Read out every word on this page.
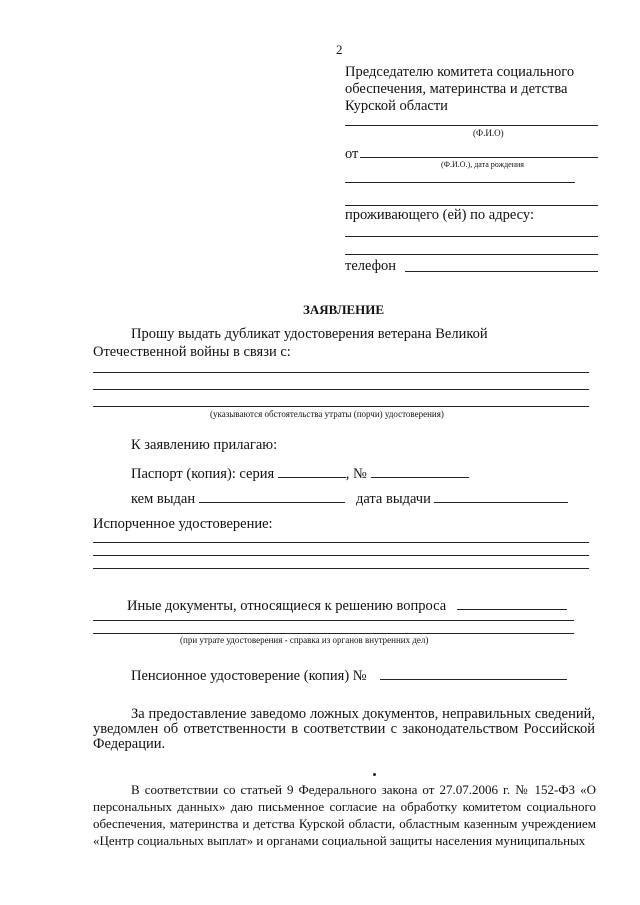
2
Председателю комитета социального
обеспечения, материнства и детства
Курской области
(Ф.И.О)
от
(Ф.И.О.), дата рождения
проживающего (ей) по адресу:
телефон
ЗАЯВЛЕНИЕ
Прошу выдать дубликат удостоверения ветерана Великой
Отечественной войны в связи с:
(указываются обстоятельства утраты (порчи) удостоверения)
К заявлению прилагаю:
Паспорт (копия): серия	, №
кем выдан	дата выдачи
Испорченное удостоверение:
Иные документы, относящиеся к решению вопроса
(при утрате удостоверения - справка из органов внутренних дел)
Пенсионное удостоверение (копия) №
За предоставление заведомо ложных документов, неправильных сведений, уведомлен об ответственности в соответствии с законодательством Российской Федерации.
В соответствии со статьей 9 Федерального закона от 27.07.2006 г. № 152-ФЗ «О персональных данных» даю письменное согласие на обработку комитетом социального обеспечения, материнства и детства Курской области, областным казенным учреждением «Центр социальных выплат» и органами социальной защиты населения муниципальных
